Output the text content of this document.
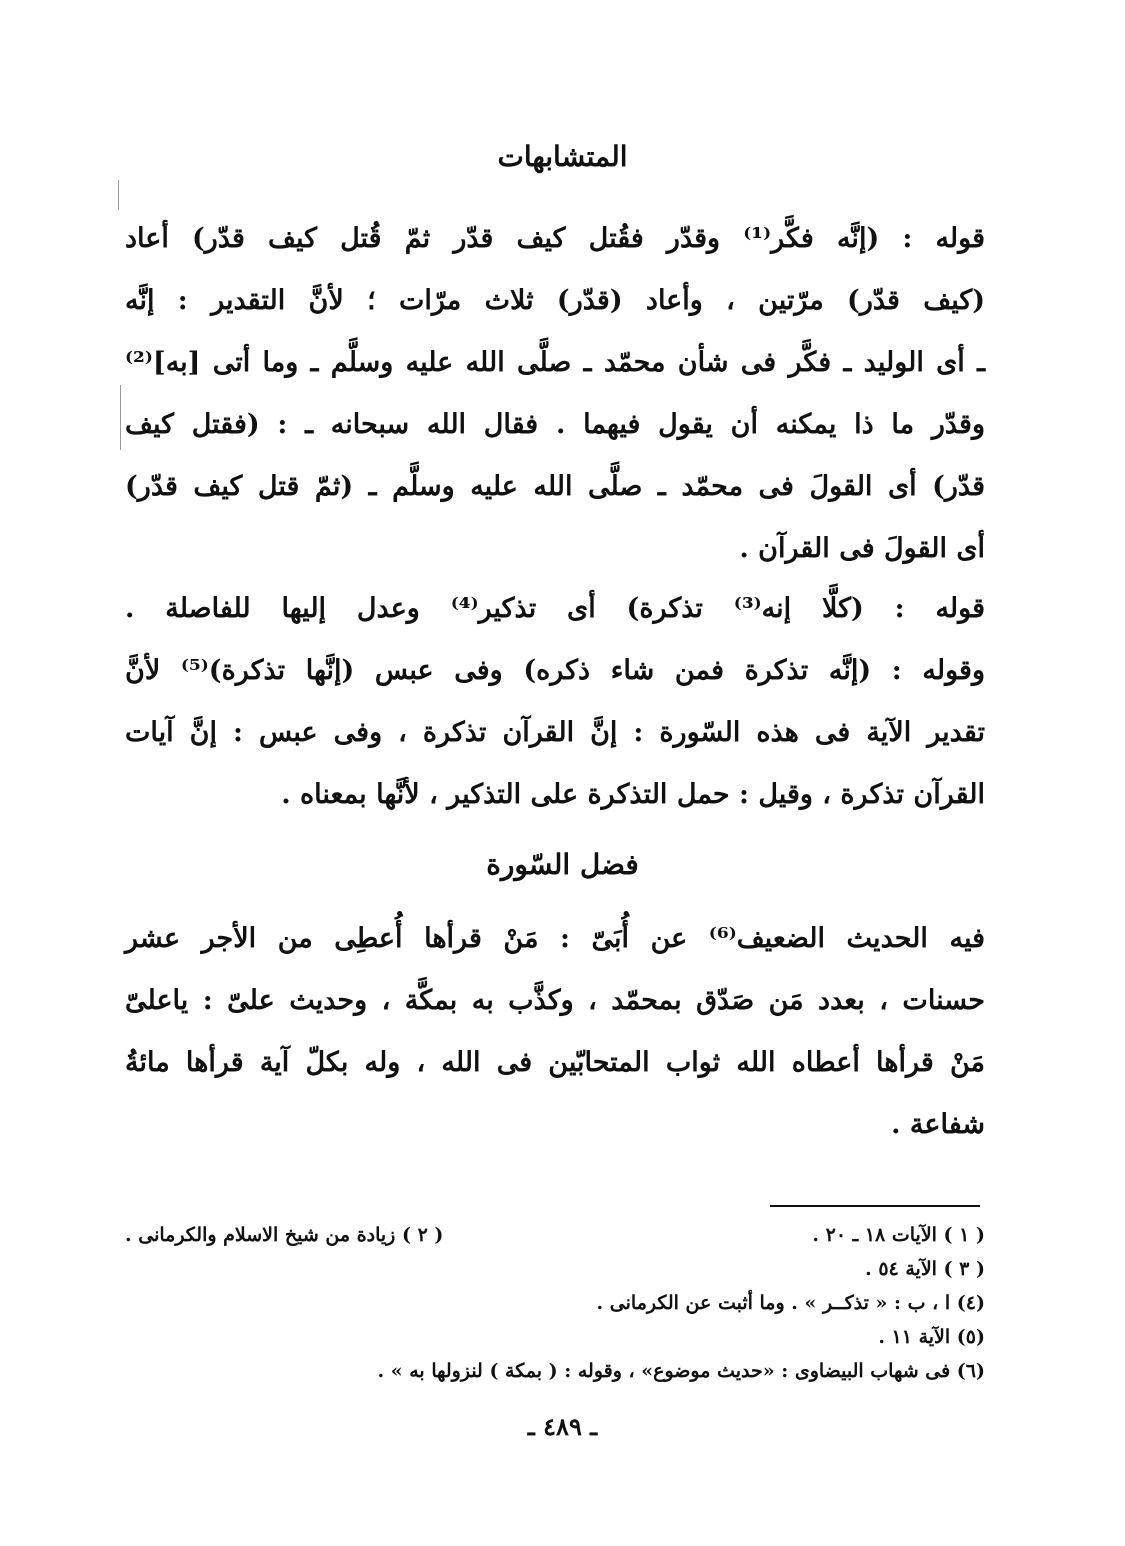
المتشابهات

قوله : (إنَّه فكَّر⁽¹⁾ وقدّر فقُتل كيف قدّر ثمّ قُتل كيف قدّر) أعاد
(كيف قدّر) مرّتين ، وأعاد (قدّر) ثلاث مرّات ؛ لأنَّ التقدير : إنَّه
ـ أى الوليد ـ فكَّر فى شأن محمّد ـ صلَّى الله عليه وسلَّم ـ وما أتى [به]⁽²⁾
وقدّر ما ذا يمكنه أن يقول فيهما . فقال الله سبحانه ـ : (فقتل كيف
قدّر) أى القولَ فى محمّد ـ صلَّى الله عليه وسلَّم ـ (ثمّ قتل كيف قدّر)
أى القولَ فى القرآن .

قوله : (كلَّا إنه⁽³⁾ تذكرة) أى تذكير⁽⁴⁾ وعدل إليها للفاصلة .
وقوله : (إنَّه تذكرة فمن شاء ذكره) وفى عبس (إنَّها تذكرة)⁽⁵⁾ لأنَّ
تقدير الآية فى هذه السّورة : إنَّ القرآن تذكرة ، وفى عبس : إنَّ آيات
القرآن تذكرة ، وقيل : حمل التذكرة على التذكير ، لأنَّها بمعناه .

فضل السّورة

فيه الحديث الضعيف⁽⁶⁾ عن أُبَىّ : مَنْ قرأها أُعطِى من الأجر عشر
حسنات ، بعدد مَن صَدّق بمحمّد ، وكذَّب به بمكَّة ، وحديث علىّ : ياعلىّ
مَنْ قرأها أعطاه الله ثواب المتحابّين فى الله ، وله بكلّ آية قرأها مائةُ
شفاعة .

( ١ ) الآيات ١٨ ـ ٢٠ .
( ٢ ) زيادة من شيخ الاسلام والكرمانى .
( ٣ ) الآية ٥٤ .
(٤) ا ، ب : « تذكــر » . وما أثبت عن الكرمانى .
(٥) الآية ١١ .
(٦) فى شهاب البيضاوى : «حديث موضوع» ، وقوله : ( بمكة ) لنزولها به » .
ـ ٤٨٩ ـ
